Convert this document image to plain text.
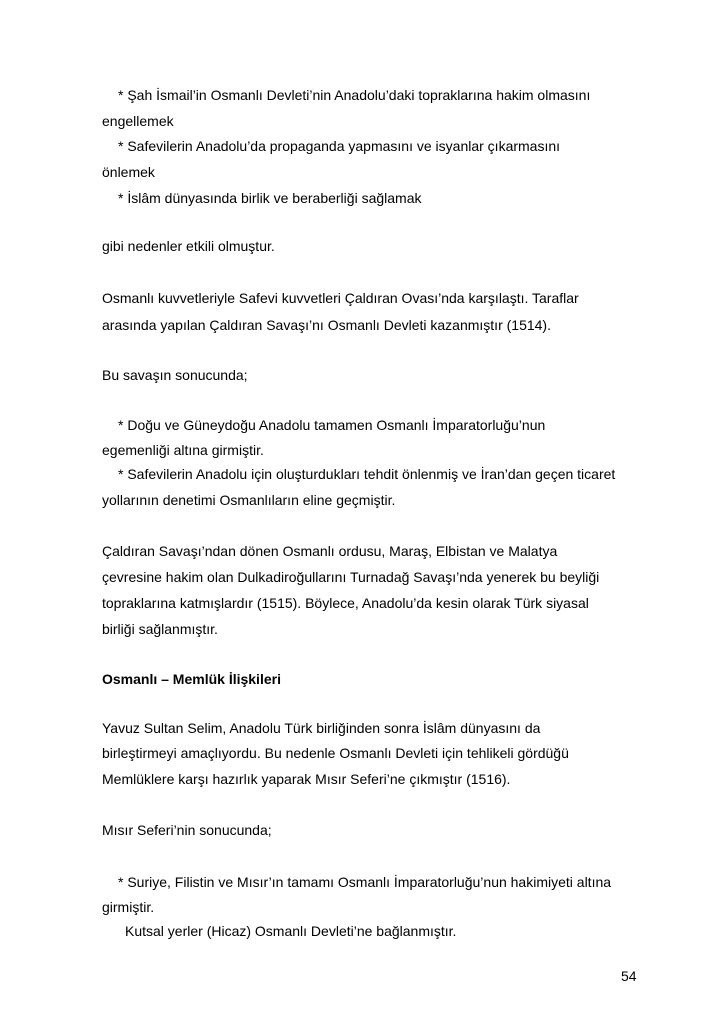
* Şah İsmail’in Osmanlı Devleti’nin Anadolu’daki topraklarına hakim olmasını
engellemek
* Safevilerin Anadolu’da propaganda yapmasını ve isyanlar çıkarmasını
önlemek
* İslâm dünyasında birlik ve beraberliği sağlamak
gibi nedenler etkili olmuştur.
Osmanlı kuvvetleriyle Safevi kuvvetleri Çaldıran Ovası’nda karşılaştı. Taraflar
arasında yapılan Çaldıran Savaşı’nı Osmanlı Devleti kazanmıştır (1514).
Bu savaşın sonucunda;
* Doğu ve Güneydoğu Anadolu tamamen Osmanlı İmparatorluğu’nun
egemenliği altına girmiştir.
* Safevilerin Anadolu için oluşturdukları tehdit önlenmiş ve İran’dan geçen ticaret
yollarının denetimi Osmanlıların eline geçmiştir.
Çaldıran Savaşı’ndan dönen Osmanlı ordusu, Maraş, Elbistan ve Malatya
çevresine hakim olan Dulkadiroğullarını Turnadağ Savaşı’nda yenerek bu beyliği
topraklarına katmışlardır (1515). Böylece, Anadolu’da kesin olarak Türk siyasal
birliği sağlanmıştır.
Osmanlı – Memlük İlişkileri
Yavuz Sultan Selim, Anadolu Türk birliğinden sonra İslâm dünyasını da
birleştirmeyi amaçlıyordu. Bu nedenle Osmanlı Devleti için tehlikeli gördüğü
Memlüklere karşı hazırlık yaparak Mısır Seferi’ne çıkmıştır (1516).
Mısır Seferi’nin sonucunda;
* Suriye, Filistin ve Mısır’ın tamamı Osmanlı İmparatorluğu’nun hakimiyeti altına
girmiştir.
Kutsal yerler (Hicaz) Osmanlı Devleti’ne bağlanmıştır.
54
